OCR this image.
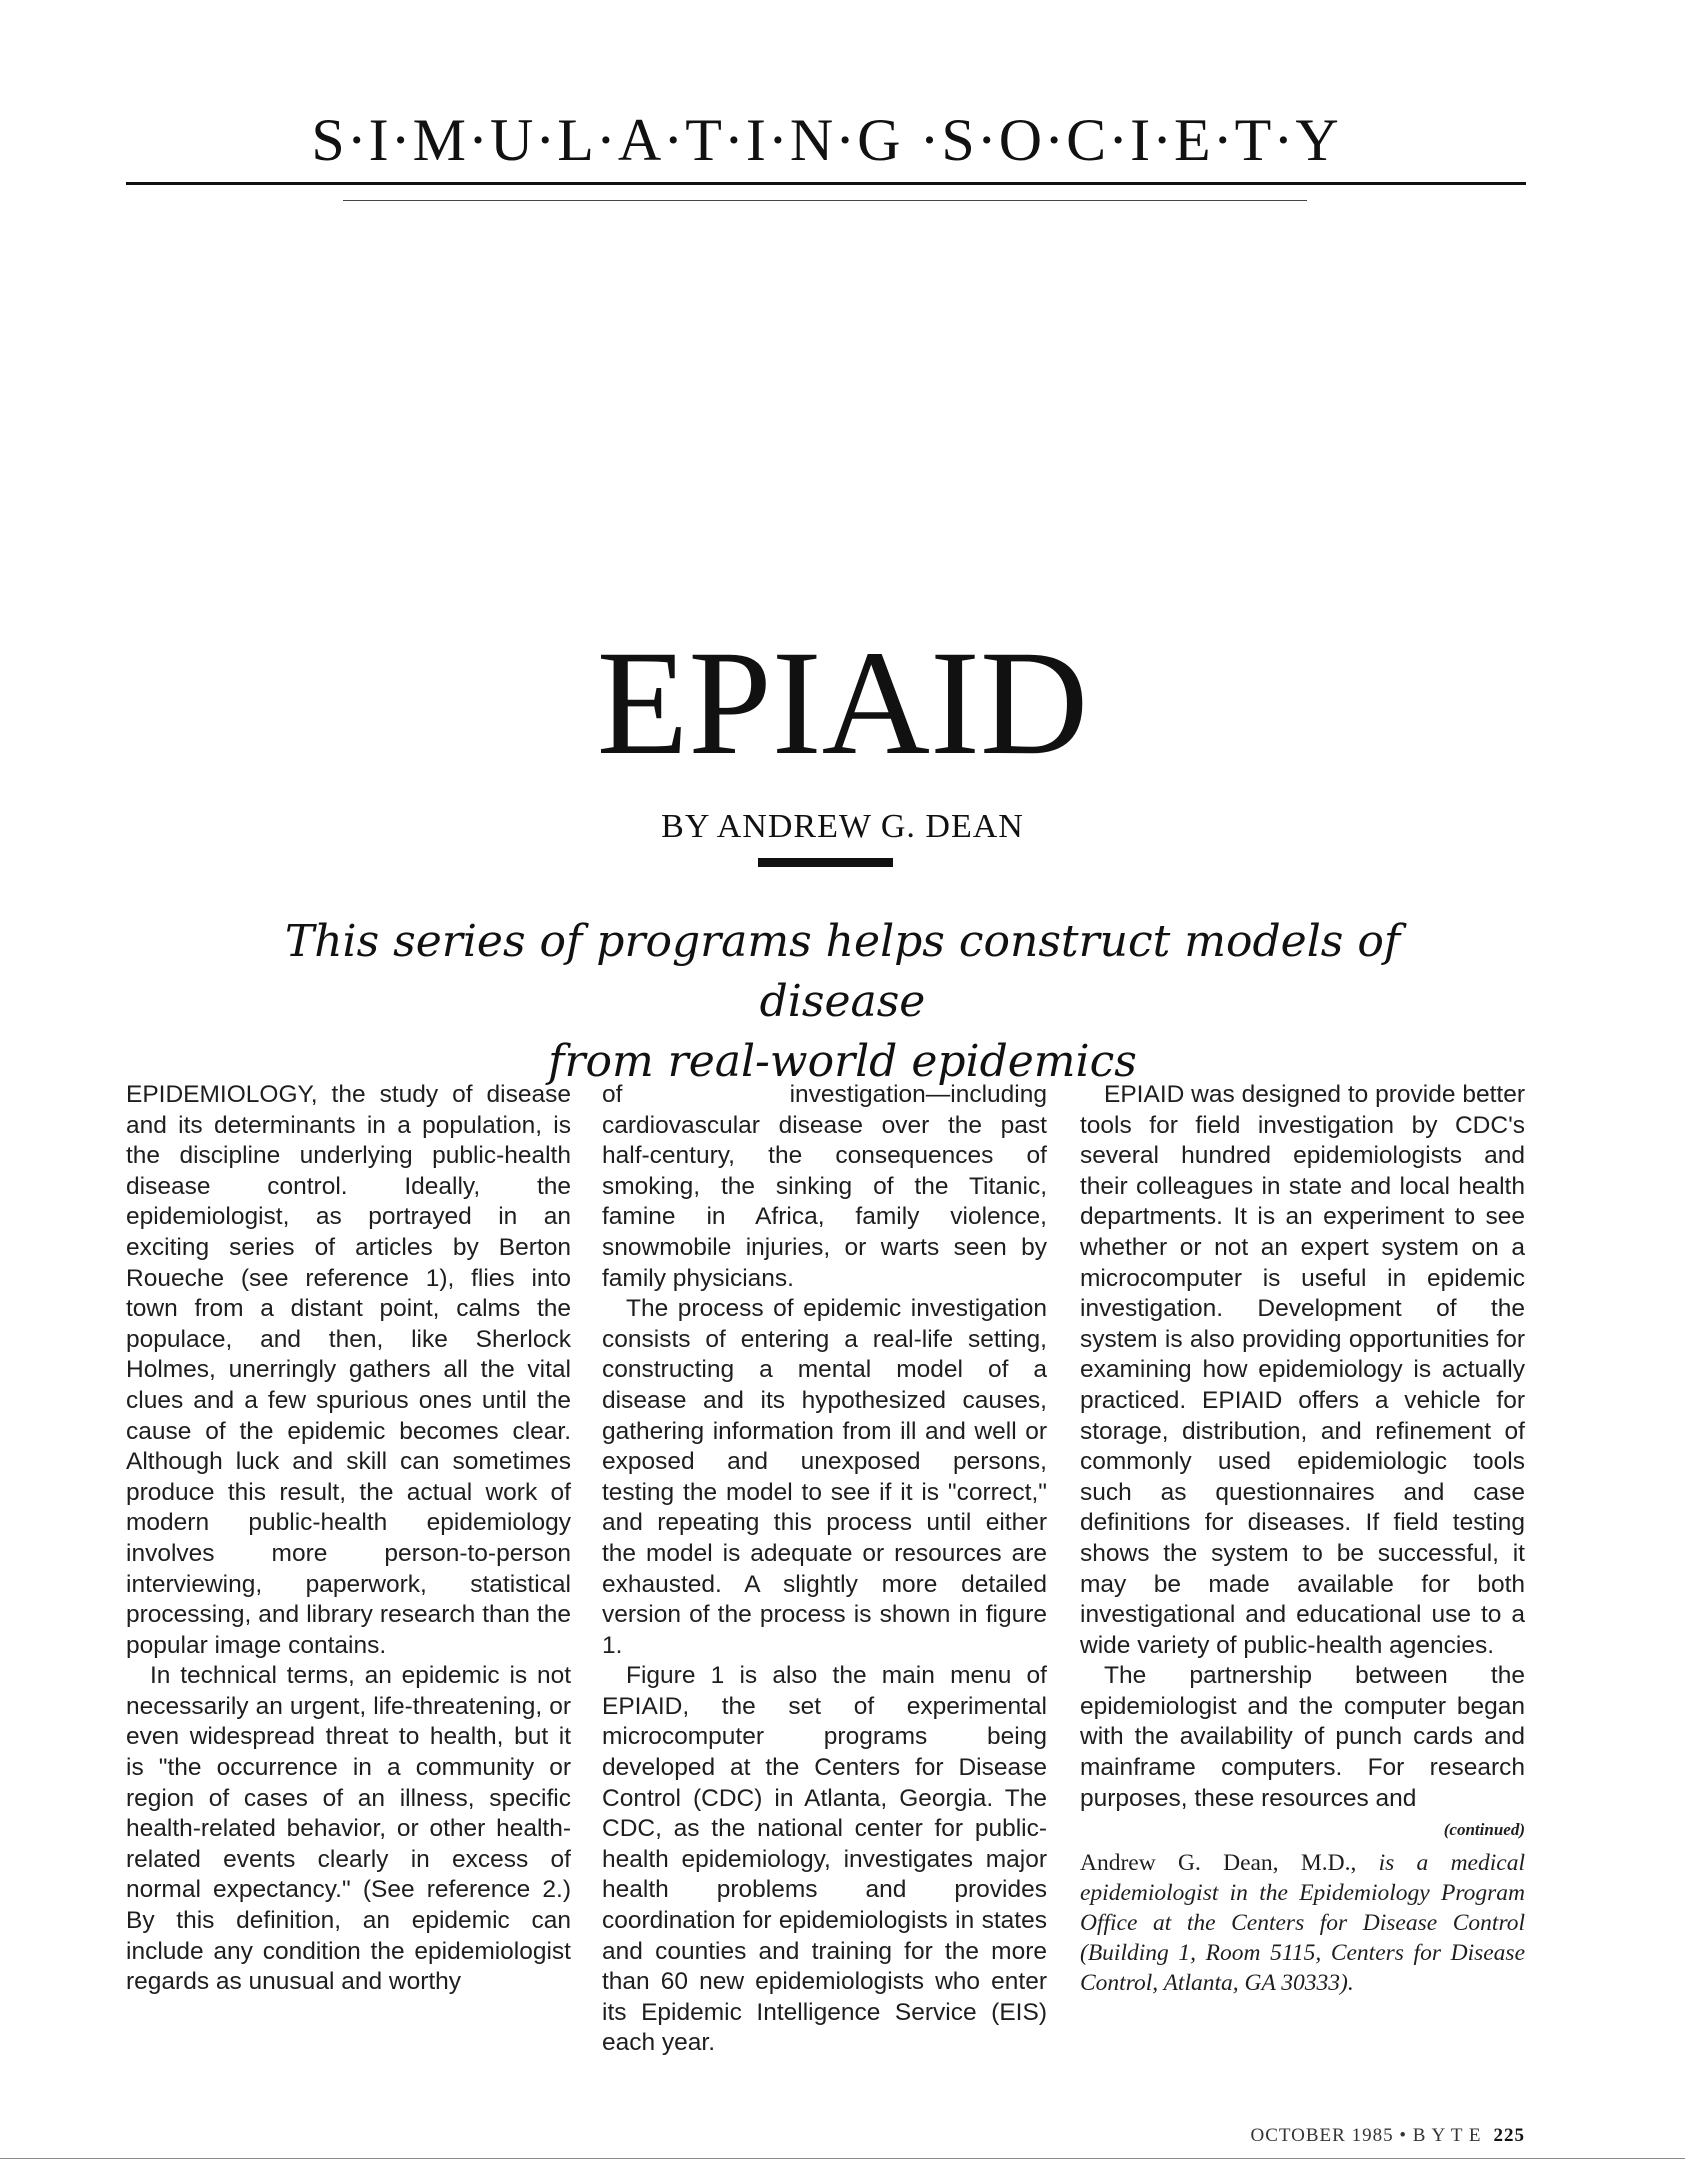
S·I·M·U·L·A·T·I·N·G ·S·O·C·I·E·T·Y
EPIAID
BY ANDREW G. DEAN
This series of programs helps construct models of disease
from real-world epidemics

EPIDEMIOLOGY, the study of disease and its determinants in a population, is the discipline underlying public-health disease control. Ideally, the epidemiologist, as portrayed in an exciting series of articles by Berton Roueche (see reference 1), flies into town from a distant point, calms the populace, and then, like Sherlock Holmes, unerringly gathers all the vital clues and a few spurious ones until the cause of the epidemic becomes clear. Although luck and skill can sometimes produce this result, the actual work of modern public-health epidemiology involves more person-to-person interviewing, paperwork, statistical processing, and library research than the popular image contains.

In technical terms, an epidemic is not necessarily an urgent, life-threatening, or even widespread threat to health, but it is "the occurrence in a community or region of cases of an illness, specific health-related behavior, or other health-related events clearly in excess of normal expectancy." (See reference 2.) By this definition, an epidemic can include any condition the epidemiologist regards as unusual and worthy

of investigation—including cardiovascular disease over the past half-century, the consequences of smoking, the sinking of the Titanic, famine in Africa, family violence, snowmobile injuries, or warts seen by family physicians.

The process of epidemic investigation consists of entering a real-life setting, constructing a mental model of a disease and its hypothesized causes, gathering information from ill and well or exposed and unexposed persons, testing the model to see if it is "correct," and repeating this process until either the model is adequate or resources are exhausted. A slightly more detailed version of the process is shown in figure 1.

Figure 1 is also the main menu of EPIAID, the set of experimental microcomputer programs being developed at the Centers for Disease Control (CDC) in Atlanta, Georgia. The CDC, as the national center for public-health epidemiology, investigates major health problems and provides coordination for epidemiologists in states and counties and training for the more than 60 new epidemiologists who enter its Epidemic Intelligence Service (EIS) each year.

EPIAID was designed to provide better tools for field investigation by CDC's several hundred epidemiologists and their colleagues in state and local health departments. It is an experiment to see whether or not an expert system on a microcomputer is useful in epidemic investigation. Development of the system is also providing opportunities for examining how epidemiology is actually practiced. EPIAID offers a vehicle for storage, distribution, and refinement of commonly used epidemiologic tools such as questionnaires and case definitions for diseases. If field testing shows the system to be successful, it may be made available for both investigational and educational use to a wide variety of public-health agencies.

The partnership between the epidemiologist and the computer began with the availability of punch cards and mainframe computers. For research purposes, these resources and

(continued)
Andrew G. Dean, M.D., is a medical epidemiologist in the Epidemiology Program Office at the Centers for Disease Control (Building 1, Room 5115, Centers for Disease Control, Atlanta, GA 30333).
OCTOBER 1985 • B Y T E 225
